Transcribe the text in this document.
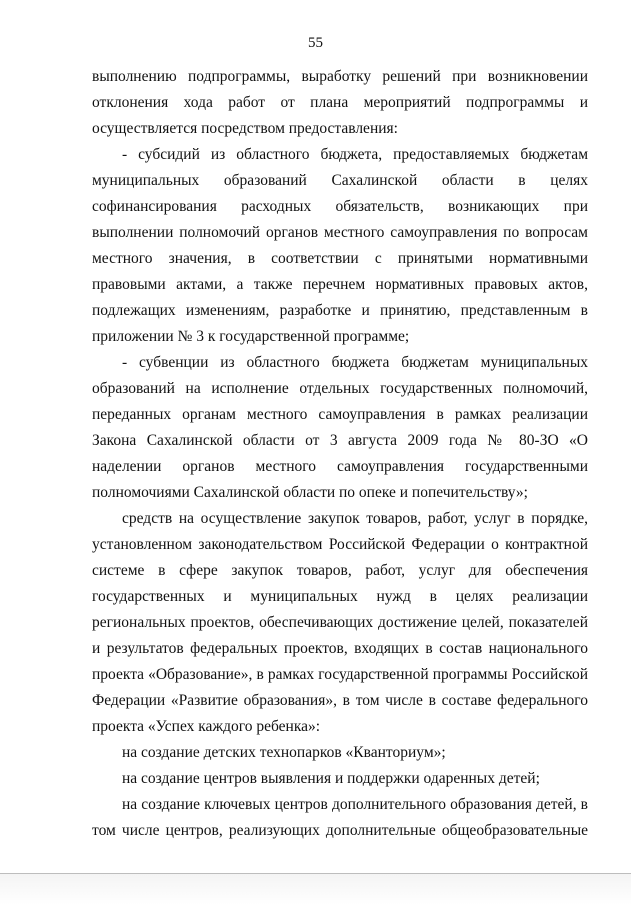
55

выполнению подпрограммы, выработку решений при возникновении отклонения хода работ от плана мероприятий подпрограммы и осуществляется посредством предоставления:

- субсидий из областного бюджета, предоставляемых бюджетам муниципальных образований Сахалинской области в целях софинансирования расходных обязательств, возникающих при выполнении полномочий органов местного самоуправления по вопросам местного значения, в соответствии с принятыми нормативными правовыми актами, а также перечнем нормативных правовых актов, подлежащих изменениям, разработке и принятию, представленным в приложении № 3 к государственной программе;

- субвенции из областного бюджета бюджетам муниципальных образований на исполнение отдельных государственных полномочий, переданных органам местного самоуправления в рамках реализации Закона Сахалинской области от 3 августа 2009 года № 80-ЗО «О наделении органов местного самоуправления государственными полномочиями Сахалинской области по опеке и попечительству»;

средств на осуществление закупок товаров, работ, услуг в порядке, установленном законодательством Российской Федерации о контрактной системе в сфере закупок товаров, работ, услуг для обеспечения государственных и муниципальных нужд в целях реализации региональных проектов, обеспечивающих достижение целей, показателей и результатов федеральных проектов, входящих в состав национального проекта «Образование», в рамках государственной программы Российской Федерации «Развитие образования», в том числе в составе федерального проекта «Успех каждого ребенка»:

на создание детских технопарков «Кванториум»;

на создание центров выявления и поддержки одаренных детей;

на создание ключевых центров дополнительного образования детей, в том числе центров, реализующих дополнительные общеобразовательные
